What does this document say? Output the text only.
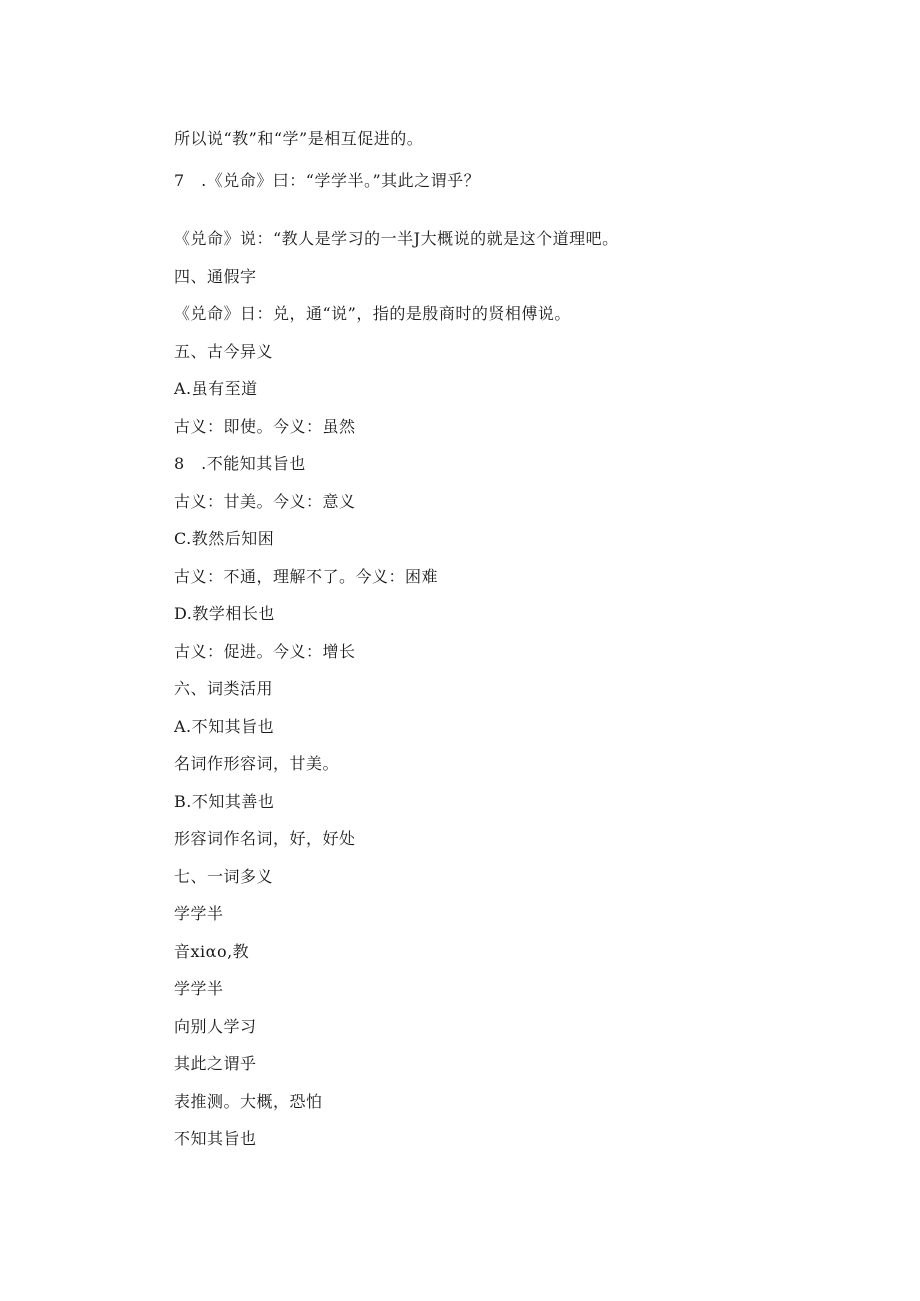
所以说“教”和“学”是相互促进的。
7　.《兑命》曰：“学学半。”其此之谓乎？
《兑命》说：“教人是学习的一半J大概说的就是这个道理吧。
四、通假字
《兑命》日：兑，通“说”，指的是殷商时的贤相傅说。
五、古今异义
A.虽有至道
古义：即使。今义：虽然
8　.不能知其旨也
古义：甘美。今义：意义
C.教然后知困
古义：不通，理解不了。今义：困难
D.教学相长也
古义：促进。今义：增长
六、词类活用
A.不知其旨也
名词作形容词，甘美。
B.不知其善也
形容词作名词，好，好处
七、一词多义
学学半
音xiαo,教
学学半
向别人学习
其此之谓乎
表推测。大概，恐怕
不知其旨也
